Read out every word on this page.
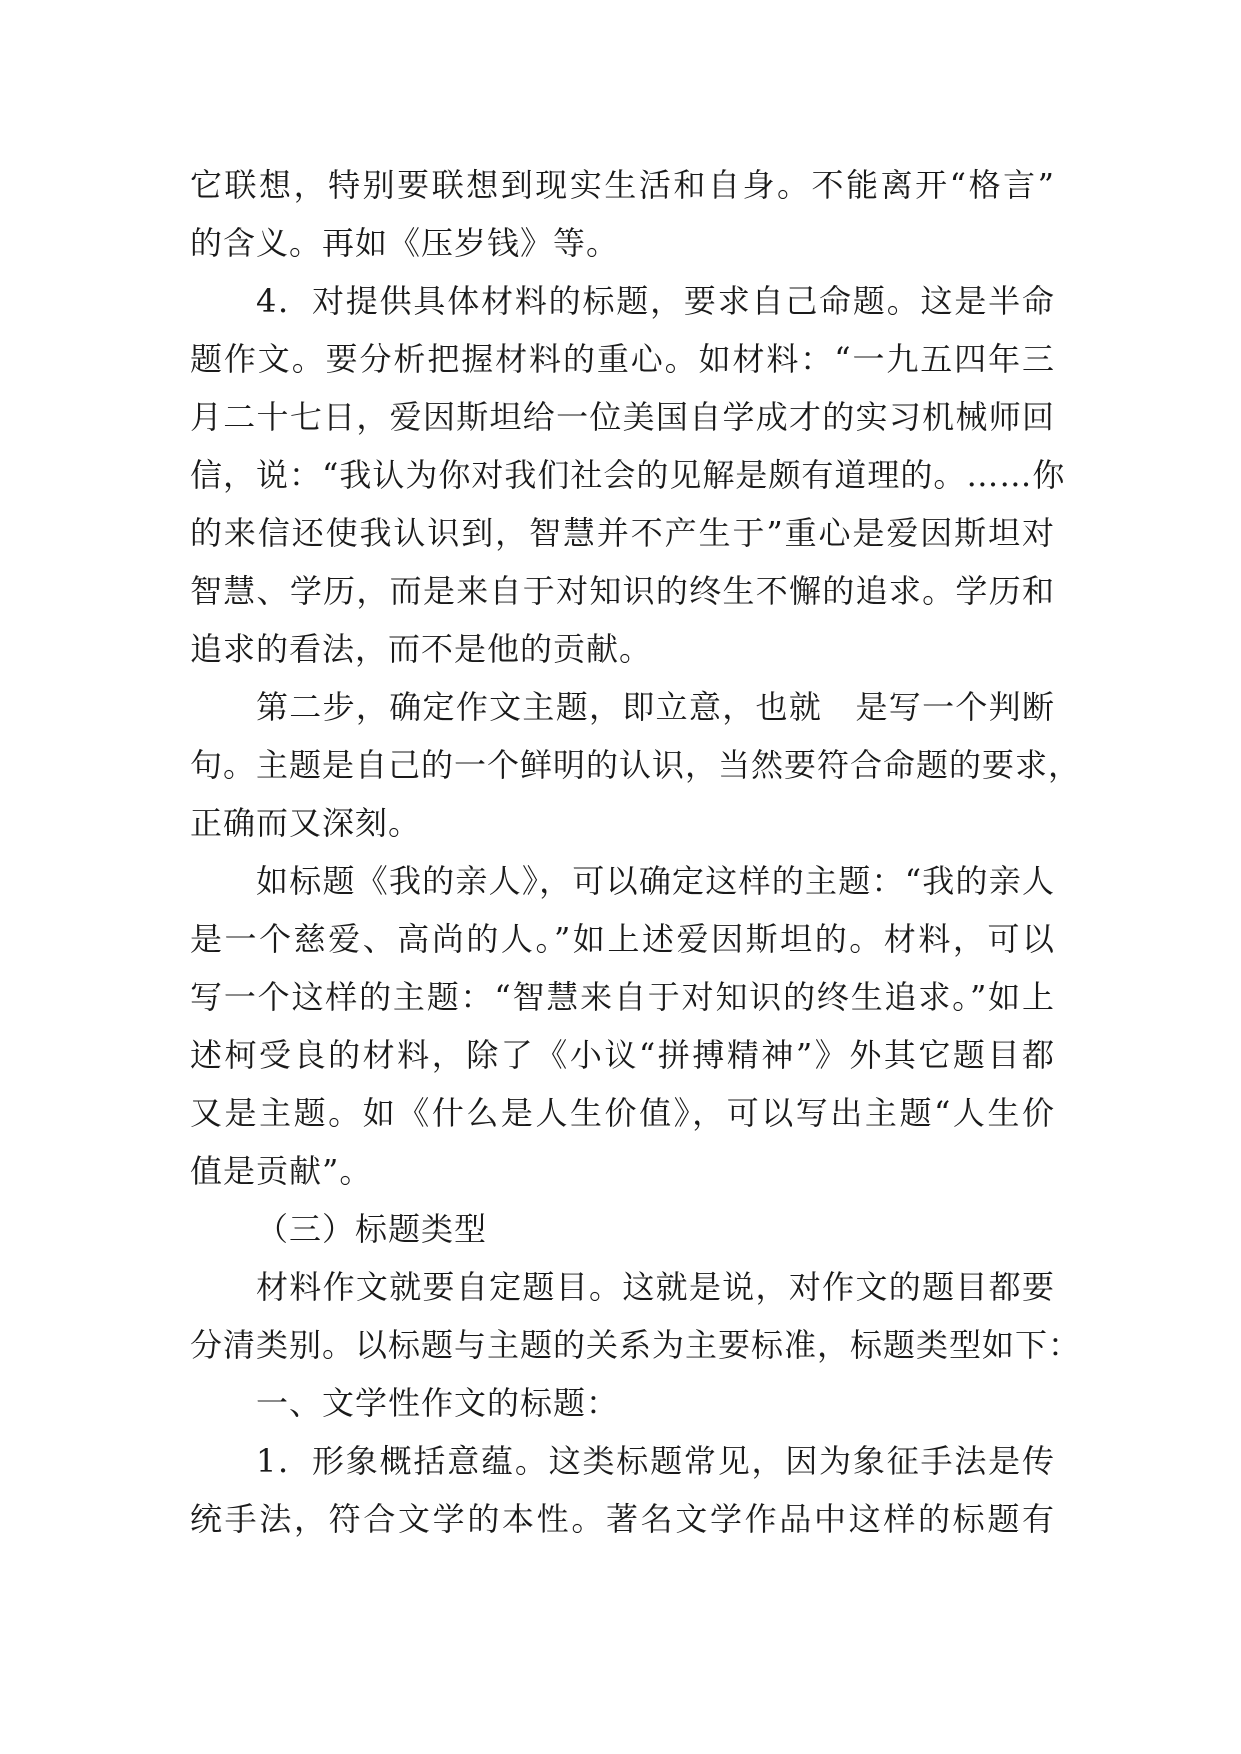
它联想，特别要联想到现实生活和自身。不能离开“格言”
的含义。再如《压岁钱》等。
4．对提供具体材料的标题，要求自己命题。这是半命
题作文。要分析把握材料的重心。如材料：“一九五四年三
月二十七日，爱因斯坦给一位美国自学成才的实习机械师回
信，说：“我认为你对我们社会的见解是颇有道理的。……你
的来信还使我认识到，智慧并不产生于”重心是爱因斯坦对
智慧、学历，而是来自于对知识的终生不懈的追求。学历和
追求的看法，而不是他的贡献。
第二步，确定作文主题，即立意，也就　是写一个判断
句。主题是自己的一个鲜明的认识，当然要符合命题的要求，
正确而又深刻。
如标题《我的亲人》，可以确定这样的主题：“我的亲人
是一个慈爱、高尚的人。”如上述爱因斯坦的。材料，可以
写一个这样的主题：“智慧来自于对知识的终生追求。”如上
述柯受良的材料，除了《小议“拼搏精神”》外其它题目都
又是主题。如《什么是人生价值》，可以写出主题“人生价
值是贡献”。
（三）标题类型
材料作文就要自定题目。这就是说，对作文的题目都要
分清类别。以标题与主题的关系为主要标准，标题类型如下：
一、文学性作文的标题：
1．形象概括意蕴。这类标题常见，因为象征手法是传
统手法，符合文学的本性。著名文学作品中这样的标题有
